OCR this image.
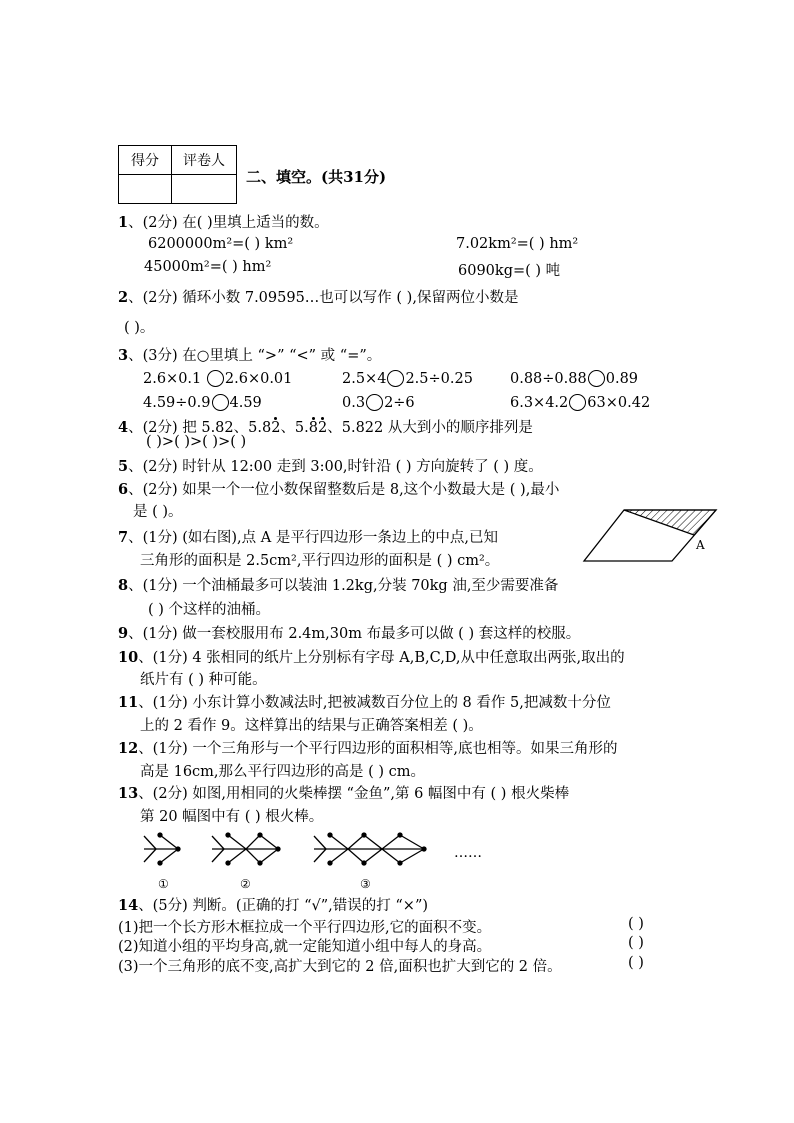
得分	评卷人

二、填空。(共31分)
1、(2分) 在( )里填上适当的数。
6200000m²=( ) km²	7.02km²=( ) hm²
45000m²=( ) hm²	6090kg=( ) 吨
2、(2分) 循环小数 7.09595…也可以写作 ( ),保留两位小数是
( )。
3、(3分) 在○里填上 “>” “<” 或 “=”。
2.6×0.1 2.6×0.01	2.5×4 2.5÷0.25	0.88÷0.88 0.89
4.59÷0.9 4.59	0.3 2÷6	6.3×4.2 63×0.42
4、(2分) 把 5.82、5.82、5.82、5.822 从大到小的顺序排列是
( )>( )>( )>( )
5、(2分) 时针从 12:00 走到 3:00,时针沿 ( ) 方向旋转了 ( ) 度。
6、(2分) 如果一个一位小数保留整数后是 8,这个小数最大是 ( ),最小
是 ( )。
7、(1分) (如右图),点 A 是平行四边形一条边上的中点,已知
三角形的面积是 2.5cm²,平行四边形的面积是 ( ) cm²。
A
8、(1分) 一个油桶最多可以装油 1.2kg,分装 70kg 油,至少需要准备
( ) 个这样的油桶。
9、(1分) 做一套校服用布 2.4m,30m 布最多可以做 ( ) 套这样的校服。
10、(1分) 4 张相同的纸片上分别标有字母 A,B,C,D,从中任意取出两张,取出的
纸片有 ( ) 种可能。
11、(1分) 小东计算小数减法时,把被减数百分位上的 8 看作 5,把减数十分位
上的 2 看作 9。这样算出的结果与正确答案相差 ( )。
12、(1分) 一个三角形与一个平行四边形的面积相等,底也相等。如果三角形的
高是 16cm,那么平行四边形的高是 ( ) cm。
13、(2分) 如图,用相同的火柴棒摆 “金鱼”,第 6 幅图中有 ( ) 根火柴棒
第 20 幅图中有 ( ) 根火棒。
①	②	③
……
14、(5分) 判断。(正确的打 “√”,错误的打 “×”)
(1)把一个长方形木框拉成一个平行四边形,它的面积不变。	( )
(2)知道小组的平均身高,就一定能知道小组中每人的身高。	( )
(3)一个三角形的底不变,高扩大到它的 2 倍,面积也扩大到它的 2 倍。	( )
